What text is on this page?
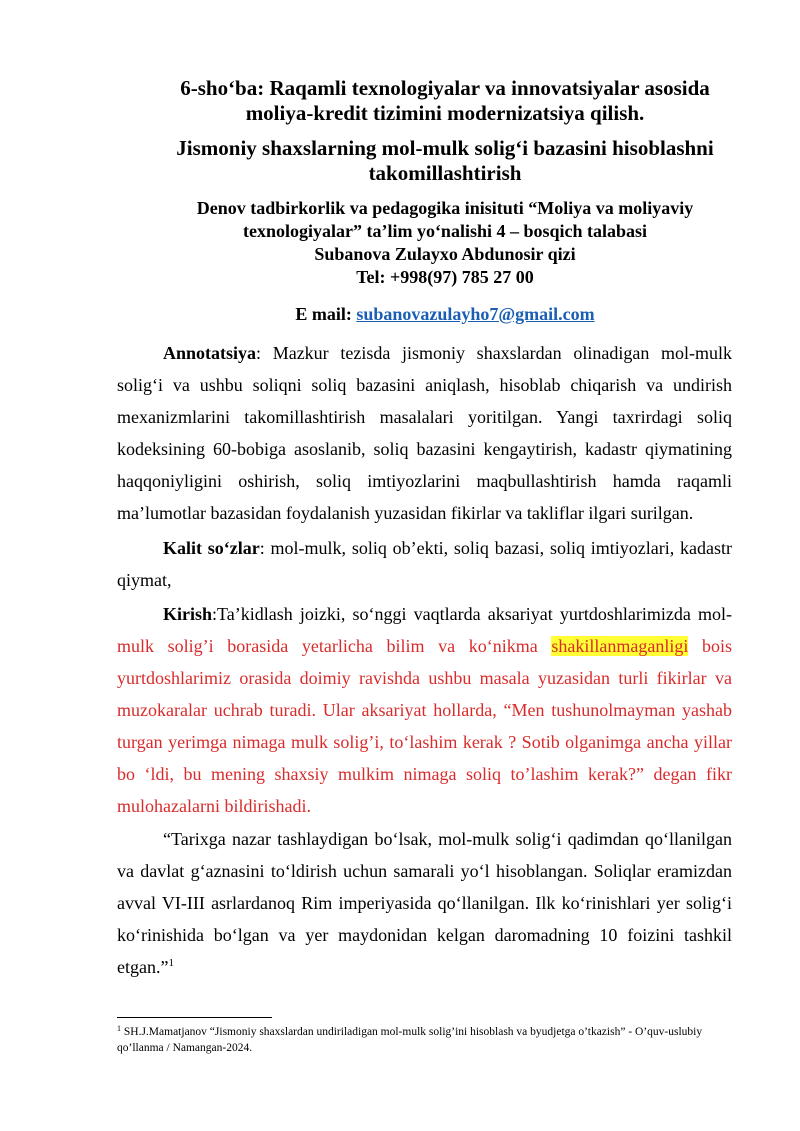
6-sho‘ba: Raqamli texnologiyalar va innovatsiyalar asosida
moliya-kredit tizimini modernizatsiya qilish.

Jismoniy shaxslarning mol-mulk solig‘i bazasini hisoblashni
takomillashtirish

Denov tadbirkorlik va pedagogika inisituti “Moliya va moliyaviy
texnologiyalar” ta’lim yo‘nalishi 4 – bosqich talabasi
Subanova Zulayxo Abdunosir qizi
Tel: +998(97) 785 27 00

E mail: subanovazulayho7@gmail.com

Annotatsiya: Mazkur tezisda jismoniy shaxslardan olinadigan mol-mulk solig‘i va ushbu soliqni soliq bazasini aniqlash, hisoblab chiqarish va undirish mexanizmlarini takomillashtirish masalalari yoritilgan. Yangi taxrirdagi soliq kodeksining 60-bobiga asoslanib, soliq bazasini kengaytirish, kadastr qiymatining haqqoniyligini oshirish, soliq imtiyozlarini maqbullashtirish hamda raqamli ma’lumotlar bazasidan foydalanish yuzasidan fikirlar va takliflar ilgari surilgan.

Kalit so‘zlar: mol-mulk, soliq ob’ekti, soliq bazasi, soliq imtiyozlari, kadastr qiymat,

Kirish:Ta’kidlash joizki, so‘nggi vaqtlarda aksariyat yurtdoshlarimizda mol-mulk solig’i borasida yetarlicha bilim va ko‘nikma shakillanmaganligi bois yurtdoshlarimiz orasida doimiy ravishda ushbu masala yuzasidan turli fikirlar va muzokaralar uchrab turadi. Ular aksariyat hollarda, “Men tushunolmayman yashab turgan yerimga nimaga mulk solig’i, to‘lashim kerak ? Sotib olganimga ancha yillar bo ‘ldi, bu mening shaxsiy mulkim nimaga soliq to’lashim kerak?” degan fikr mulohazalarni bildirishadi.

“Tarixga nazar tashlaydigan bo‘lsak, mol-mulk solig‘i qadimdan qo‘llanilgan va davlat g‘aznasini to‘ldirish uchun samarali yo‘l hisoblangan. Soliqlar eramizdan avval VI-III asrlardanoq Rim imperiyasida qo‘llanilgan. Ilk ko‘rinishlari yer solig‘i ko‘rinishida bo‘lgan va yer maydonidan kelgan daromadning 10 foizini tashkil etgan.”$^1$

$^1$ SH.J.Mamatjanov “Jismoniy shaxslardan undiriladigan mol-mulk solig’ini hisoblash va byudjetga o’tkazish” - O’quv-uslubiy qo’llanma / Namangan-2024.
